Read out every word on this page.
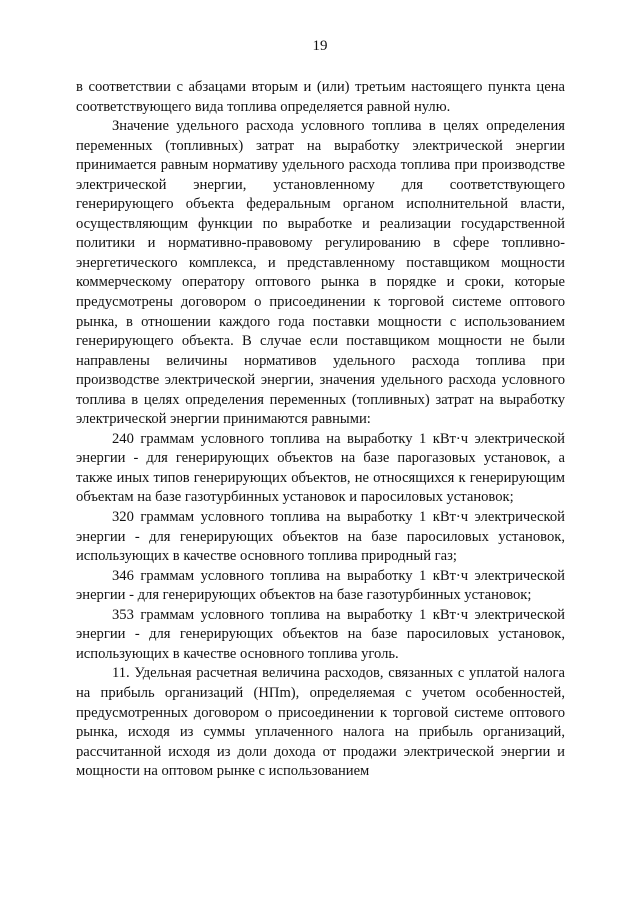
19

в соответствии с абзацами вторым и (или) третьим настоящего пункта цена соответствующего вида топлива определяется равной нулю.

Значение удельного расхода условного топлива в целях определения переменных (топливных) затрат на выработку электрической энергии принимается равным нормативу удельного расхода топлива при производстве электрической энергии, установленному для соответствующего генерирующего объекта федеральным органом исполнительной власти, осуществляющим функции по выработке и реализации государственной политики и нормативно-правовому регулированию в сфере топливно-энергетического комплекса, и представленному поставщиком мощности коммерческому оператору оптового рынка в порядке и сроки, которые предусмотрены договором о присоединении к торговой системе оптового рынка, в отношении каждого года поставки мощности с использованием генерирующего объекта. В случае если поставщиком мощности не были направлены величины нормативов удельного расхода топлива при производстве электрической энергии, значения удельного расхода условного топлива в целях определения переменных (топливных) затрат на выработку электрической энергии принимаются равными:

240 граммам условного топлива на выработку 1 кВт·ч электрической энергии - для генерирующих объектов на базе парогазовых установок, а также иных типов генерирующих объектов, не относящихся к генерирующим объектам на базе газотурбинных установок и паросиловых установок;

320 граммам условного топлива на выработку 1 кВт·ч электрической энергии - для генерирующих объектов на базе паросиловых установок, использующих в качестве основного топлива природный газ;

346 граммам условного топлива на выработку 1 кВт·ч электрической энергии - для генерирующих объектов на базе газотурбинных установок;

353 граммам условного топлива на выработку 1 кВт·ч электрической энергии - для генерирующих объектов на базе паросиловых установок, использующих в качестве основного топлива уголь.

11. Удельная расчетная величина расходов, связанных с уплатой налога на прибыль организаций (НПm), определяемая с учетом особенностей, предусмотренных договором о присоединении к торговой системе оптового рынка, исходя из суммы уплаченного налога на прибыль организаций, рассчитанной исходя из доли дохода от продажи электрической энергии и мощности на оптовом рынке с использованием
